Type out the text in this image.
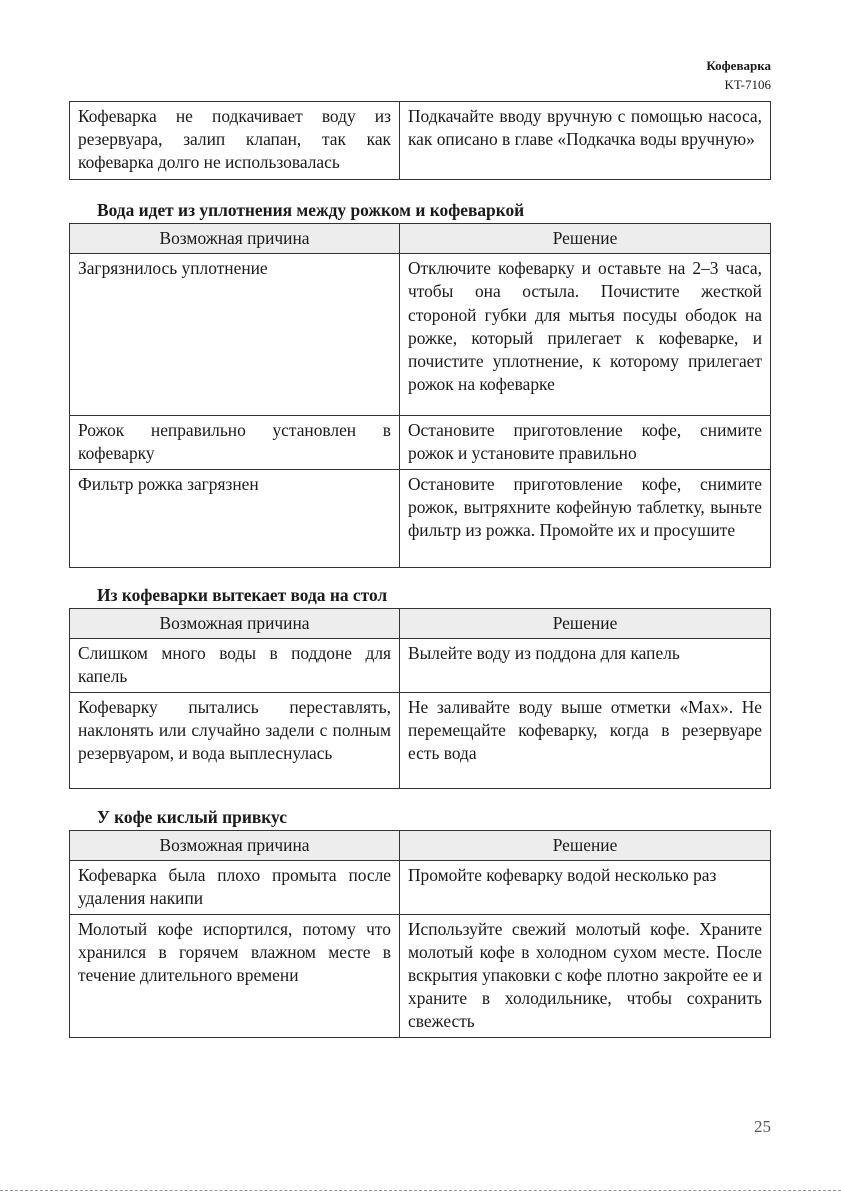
Кофеварка
KT-7106
Кофеварка не подкачивает воду из резервуара, залип клапан, так как кофеварка долго не использовалась	Подкачайте вводу вручную с помощью насоса, как описано в главе «Подкачка воды вручную»
Вода идет из уплотнения между рожком и кофеваркой
Возможная причина	Решение
Загрязнилось уплотнение	Отключите кофеварку и оставьте на 2–3 часа, чтобы она остыла. Почистите жесткой стороной губки для мытья посуды ободок на рожке, который прилегает к кофеварке, и почистите уплотнение, к которому прилегает рожок на кофеварке
Рожок неправильно установлен в кофеварку	Остановите приготовление кофе, снимите рожок и установите правильно
Фильтр рожка загрязнен	Остановите приготовление кофе, снимите рожок, вытряхните кофейную таблетку, выньте фильтр из рожка. Промойте их и просушите
Из кофеварки вытекает вода на стол
Возможная причина	Решение
Слишком много воды в поддоне для капель	Вылейте воду из поддона для капель
Кофеварку пытались переставлять, наклонять или случайно задели с полным резервуаром, и вода выплеснулась	Не заливайте воду выше отметки «Max». Не перемещайте кофеварку, когда в резервуаре есть вода
У кофе кислый привкус
Возможная причина	Решение
Кофеварка была плохо промыта после удаления накипи	Промойте кофеварку водой несколько раз
Молотый кофе испортился, потому что хранился в горячем влажном месте в течение длительного времени	Используйте свежий молотый кофе. Храните молотый кофе в холодном сухом месте. После вскрытия упаковки с кофе плотно закройте ее и храните в холодильнике, чтобы сохранить свежесть
25
